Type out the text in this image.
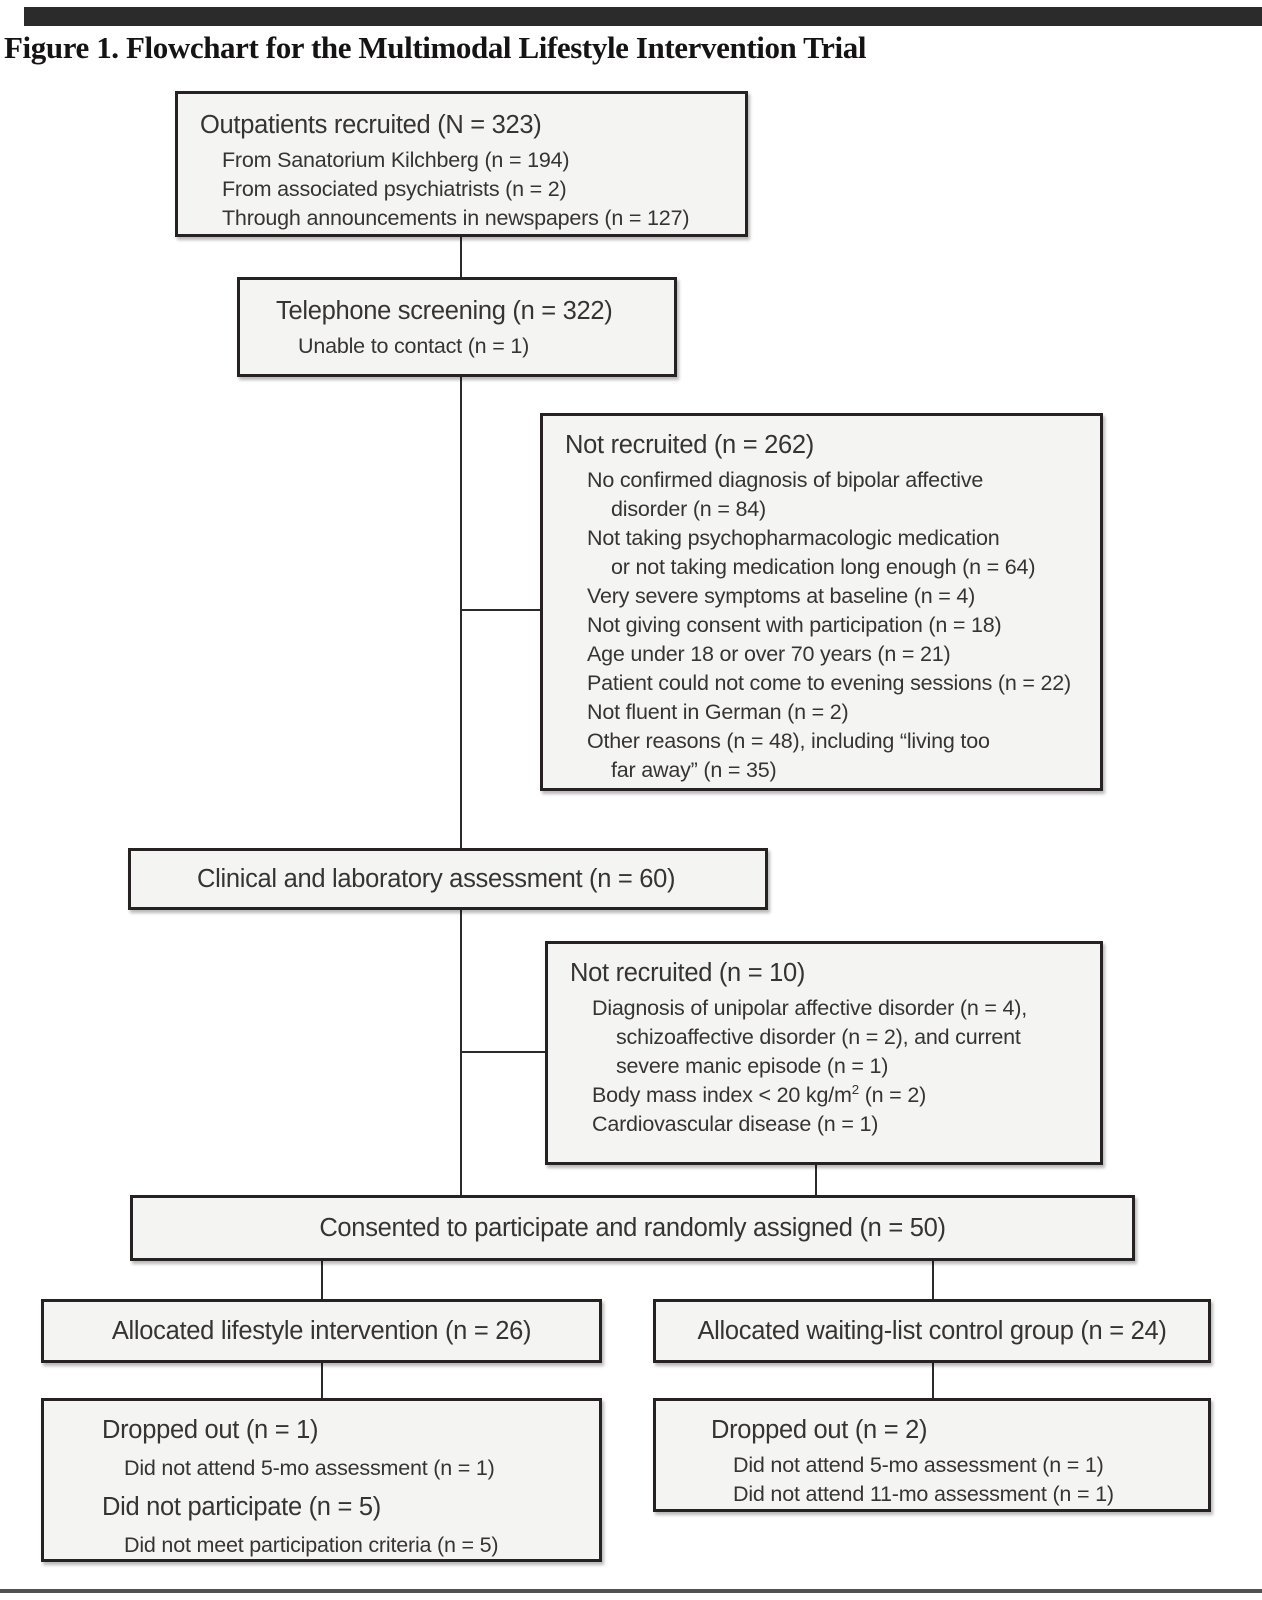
Figure 1. Flowchart for the Multimodal Lifestyle Intervention Trial
Outpatients recruited (N = 323)
From Sanatorium Kilchberg (n = 194)
From associated psychiatrists (n = 2)
Through announcements in newspapers (n = 127)
Telephone screening (n = 322)
Unable to contact (n = 1)
Not recruited (n = 262)
No confirmed diagnosis of bipolar affective
disorder (n = 84)
Not taking psychopharmacologic medication
or not taking medication long enough (n = 64)
Very severe symptoms at baseline (n = 4)
Not giving consent with participation (n = 18)
Age under 18 or over 70 years (n = 21)
Patient could not come to evening sessions (n = 22)
Not fluent in German (n = 2)
Other reasons (n = 48), including “living too
far away” (n = 35)
Clinical and laboratory assessment (n = 60)
Not recruited (n = 10)
Diagnosis of unipolar affective disorder (n = 4),
schizoaffective disorder (n = 2), and current
severe manic episode (n = 1)
Body mass index < 20 $kg/m^2$ (n = 2)
Cardiovascular disease (n = 1)
Consented to participate and randomly assigned (n = 50)
Allocated lifestyle intervention (n = 26)	Allocated waiting-list control group (n = 24)
Dropped out (n = 1)
Did not attend 5-mo assessment (n = 1)
Did not participate (n = 5)
Did not meet participation criteria (n = 5)
Dropped out (n = 2)
Did not attend 5-mo assessment (n = 1)
Did not attend 11-mo assessment (n = 1)
